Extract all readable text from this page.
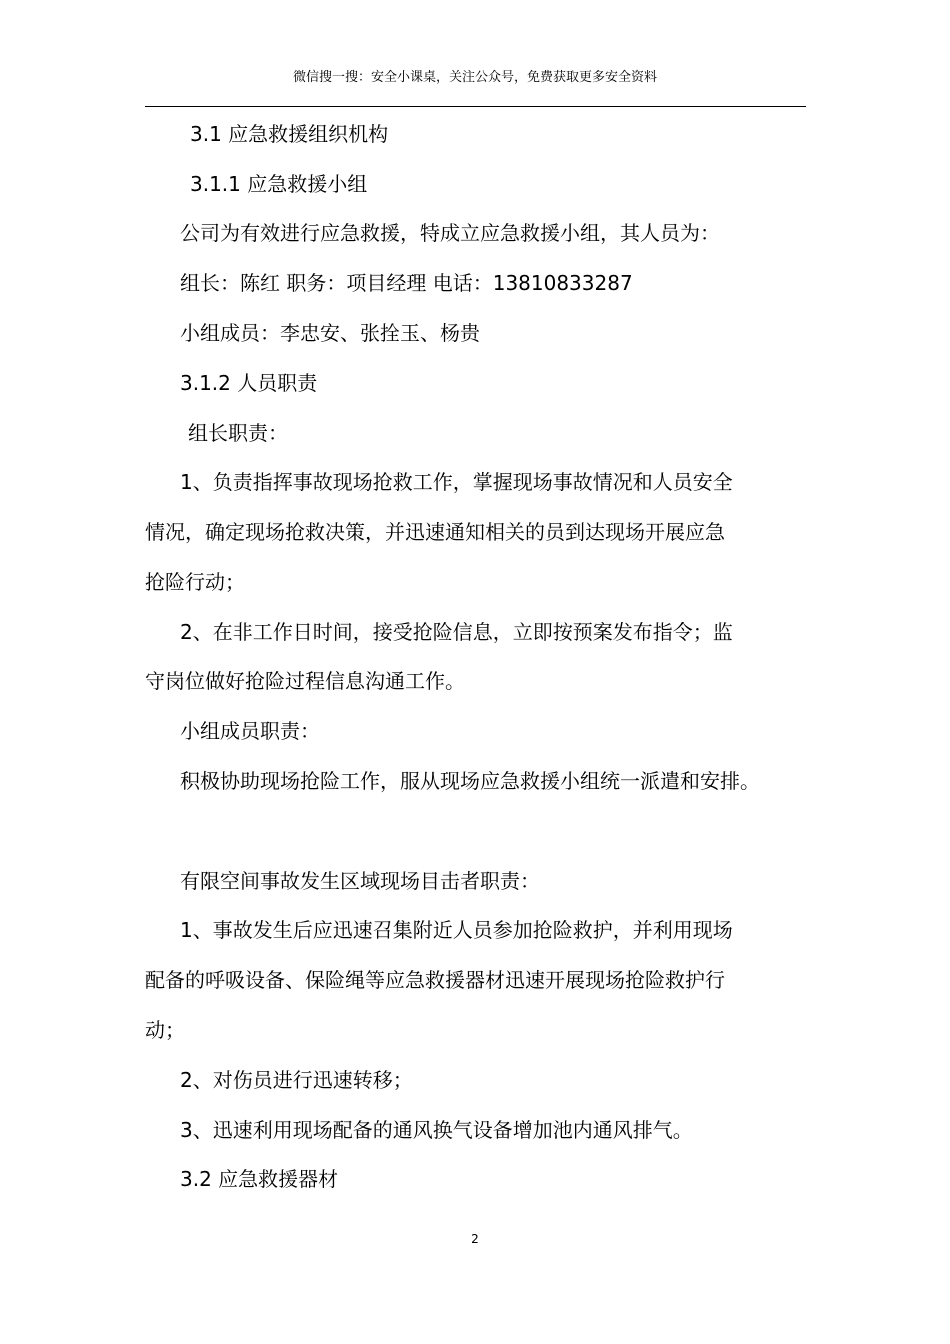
微信搜一搜：安全小课桌，关注公众号，免费获取更多安全资料
3.1 应急救援组织机构
3.1.1 应急救援小组
公司为有效进行应急救援，特成立应急救援小组，其人员为：
组长：陈红 职务：项目经理 电话：13810833287
小组成员：李忠安、张拴玉、杨贵
3.1.2 人员职责
组长职责：
1、负责指挥事故现场抢救工作，掌握现场事故情况和人员安全
情况，确定现场抢救决策，并迅速通知相关的员到达现场开展应急
抢险行动；
2、在非工作日时间，接受抢险信息，立即按预案发布指令；监
守岗位做好抢险过程信息沟通工作。
小组成员职责：
积极协助现场抢险工作，服从现场应急救援小组统一派遣和安排。
有限空间事故发生区域现场目击者职责：
1、事故发生后应迅速召集附近人员参加抢险救护，并利用现场
配备的呼吸设备、保险绳等应急救援器材迅速开展现场抢险救护行
动；
2、对伤员进行迅速转移；
3、迅速利用现场配备的通风换气设备增加池内通风排气。
3.2 应急救援器材
2
